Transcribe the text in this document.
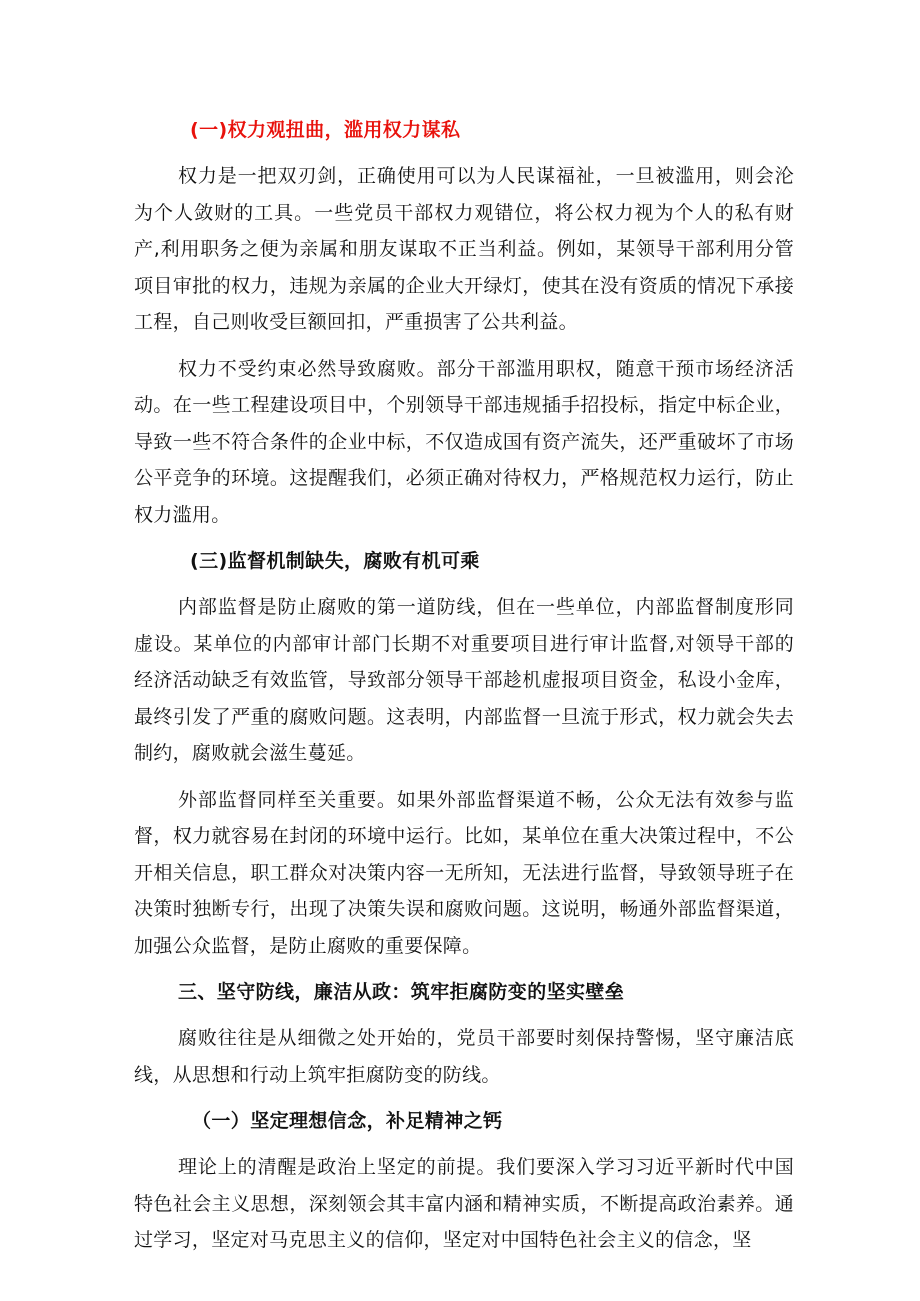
(一)权力观扭曲，滥用权力谋私

权力是一把双刃剑，正确使用可以为人民谋福祉，一旦被滥用，则会沦为个人敛财的工具。一些党员干部权力观错位，将公权力视为个人的私有财产,利用职务之便为亲属和朋友谋取不正当利益。例如，某领导干部利用分管项目审批的权力，违规为亲属的企业大开绿灯，使其在没有资质的情况下承接工程，自己则收受巨额回扣，严重损害了公共利益。

权力不受约束必然导致腐败。部分干部滥用职权，随意干预市场经济活动。在一些工程建设项目中，个别领导干部违规插手招投标，指定中标企业，导致一些不符合条件的企业中标，不仅造成国有资产流失，还严重破坏了市场公平竞争的环境。这提醒我们，必须正确对待权力，严格规范权力运行，防止权力滥用。

(三)监督机制缺失，腐败有机可乘

内部监督是防止腐败的第一道防线，但在一些单位，内部监督制度形同虚设。某单位的内部审计部门长期不对重要项目进行审计监督,对领导干部的经济活动缺乏有效监管，导致部分领导干部趁机虚报项目资金，私设小金库，最终引发了严重的腐败问题。这表明，内部监督一旦流于形式，权力就会失去制约，腐败就会滋生蔓延。

外部监督同样至关重要。如果外部监督渠道不畅，公众无法有效参与监督，权力就容易在封闭的环境中运行。比如，某单位在重大决策过程中，不公开相关信息，职工群众对决策内容一无所知，无法进行监督，导致领导班子在决策时独断专行，出现了决策失误和腐败问题。这说明，畅通外部监督渠道，加强公众监督，是防止腐败的重要保障。

三、坚守防线，廉洁从政：筑牢拒腐防变的坚实壁垒

腐败往往是从细微之处开始的，党员干部要时刻保持警惕，坚守廉洁底线，从思想和行动上筑牢拒腐防变的防线。

（一）坚定理想信念，补足精神之钙

理论上的清醒是政治上坚定的前提。我们要深入学习习近平新时代中国特色社会主义思想，深刻领会其丰富内涵和精神实质，不断提高政治素养。通过学习，坚定对马克思主义的信仰，坚定对中国特色社会主义的信念，坚
